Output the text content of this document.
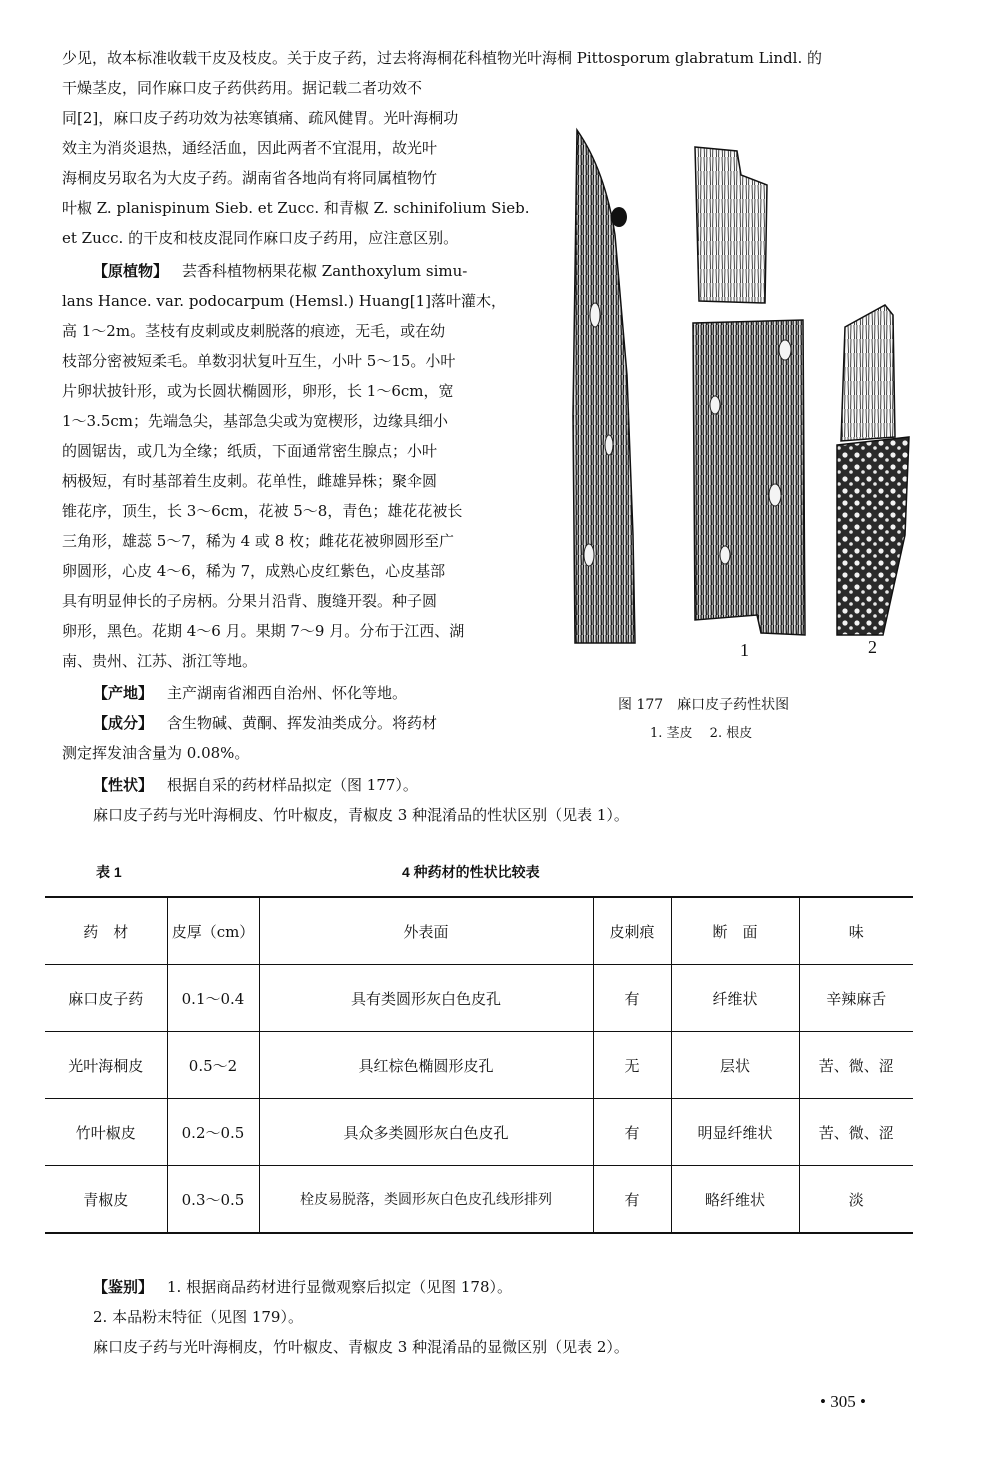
少见，故本标准收载干皮及枝皮。关于皮子药，过去将海桐花科植物光叶海桐 Pittosporum glabratum Lindl. 的

干燥茎皮，同作麻口皮子药供药用。据记载二者功效不

同[2]，麻口皮子药功效为祛寒镇痛、疏风健胃。光叶海桐功

效主为消炎退热，通经活血，因此两者不宜混用，故光叶

海桐皮另取名为大皮子药。湖南省各地尚有将同属植物竹

叶椒 Z. planispinum Sieb. et Zucc. 和青椒 Z. schinifolium Sieb.

et Zucc. 的干皮和枝皮混同作麻口皮子药用，应注意区别。

【原植物】 芸香科植物柄果花椒 Zanthoxylum simu-

lans Hance. var. podocarpum (Hemsl.) Huang[1]落叶灌木，

高 1～2m。茎枝有皮刺或皮刺脱落的痕迹，无毛，或在幼

枝部分密被短柔毛。单数羽状复叶互生，小叶 5～15。小叶

片卵状披针形，或为长圆状椭圆形，卵形，长 1～6cm，宽

1～3.5cm；先端急尖，基部急尖或为宽楔形，边缘具细小

的圆锯齿，或几为全缘；纸质，下面通常密生腺点；小叶

柄极短，有时基部着生皮刺。花单性，雌雄异株；聚伞圆

锥花序，顶生，长 3～6cm，花被 5～8，青色；雄花花被长

三角形，雄蕊 5～7，稀为 4 或 8 枚；雌花花被卵圆形至广

卵圆形，心皮 4～6，稀为 7，成熟心皮红紫色，心皮基部

具有明显伸长的子房柄。分果爿沿背、腹缝开裂。种子圆

卵形，黑色。花期 4～6 月。果期 7～9 月。分布于江西、湖

南、贵州、江苏、浙江等地。

【产地】 主产湖南省湘西自治州、怀化等地。

【成分】 含生物碱、黄酮、挥发油类成分。将药材

测定挥发油含量为 0.08%。

【性状】 根据自采的药材样品拟定（图 177）。

麻口皮子药与光叶海桐皮、竹叶椒皮，青椒皮 3 种混淆品的性状区别（见表 1）。

1	2
图 177　麻口皮子药性状图
1. 茎皮　 2. 根皮
表 1	4 种药材的性状比较表
药　材	皮厚（cm）	外表面	皮刺痕	断　面	味
麻口皮子药	0.1～0.4	具有类圆形灰白色皮孔	有	纤维状	辛辣麻舌
光叶海桐皮	0.5～2	具红棕色椭圆形皮孔	无	层状	苦、微、涩
竹叶椒皮	0.2～0.5	具众多类圆形灰白色皮孔	有	明显纤维状	苦、微、涩
青椒皮	0.3～0.5	栓皮易脱落，类圆形灰白色皮孔线形排列	有	略纤维状	淡

【鉴别】 1. 根据商品药材进行显微观察后拟定（见图 178）。

2. 本品粉末特征（见图 179）。

麻口皮子药与光叶海桐皮，竹叶椒皮、青椒皮 3 种混淆品的显微区别（见表 2）。

• 305 •
